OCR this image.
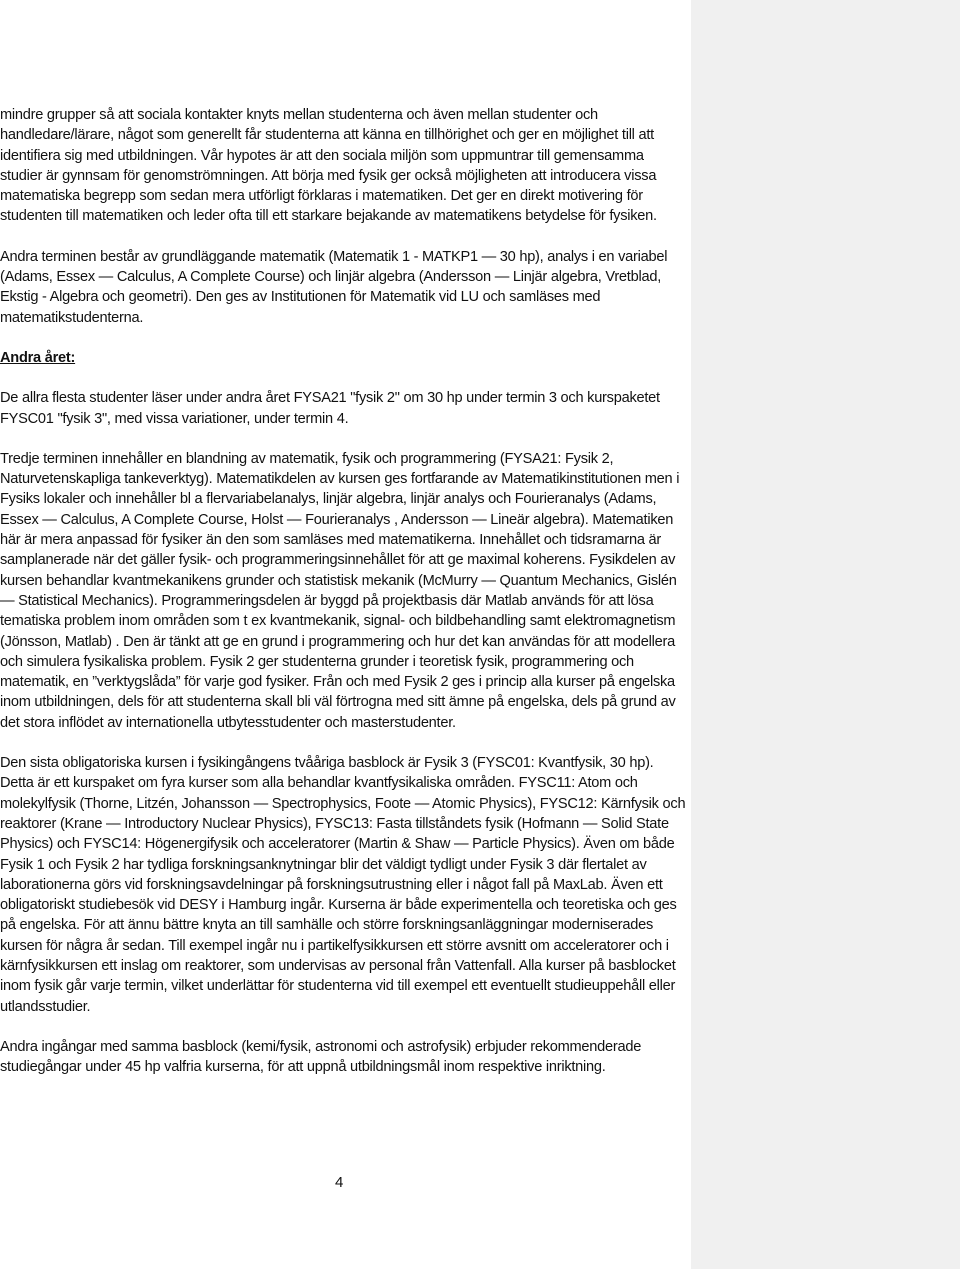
mindre grupper så att sociala kontakter knyts mellan studenterna och även mellan studenter och handledare/lärare, något som generellt får studenterna att känna en tillhörighet och ger en möjlighet till att identifiera sig med utbildningen. Vår hypotes är att den sociala miljön som uppmuntrar till gemensamma studier är gynnsam för genomströmningen. Att börja med fysik ger också möjligheten att introducera vissa matematiska begrepp som sedan mera utförligt förklaras i matematiken. Det ger en direkt motivering för studenten till matematiken och leder ofta till ett starkare bejakande av matematikens betydelse för fysiken.

Andra terminen består av grundläggande matematik (Matematik 1 - MATKP1 — 30 hp), analys i en variabel (Adams, Essex — Calculus, A Complete Course) och linjär algebra (Andersson — Linjär algebra, Vretblad, Ekstig - Algebra och geometri). Den ges av Institutionen för Matematik vid LU och samläses med matematikstudenterna.

Andra året:

De allra flesta studenter läser under andra året FYSA21 "fysik 2" om 30 hp under termin 3 och kurspaketet FYSC01 "fysik 3", med vissa variationer, under termin 4.

Tredje terminen innehåller en blandning av matematik, fysik och programmering (FYSA21: Fysik 2, Naturvetenskapliga tankeverktyg). Matematikdelen av kursen ges fortfarande av Matematikinstitutionen men i Fysiks lokaler och innehåller bl a flervariabelanalys, linjär algebra, linjär analys och Fourieranalys (Adams, Essex — Calculus, A Complete Course, Holst — Fourieranalys , Andersson — Lineär algebra). Matematiken här är mera anpassad för fysiker än den som samläses med matematikerna. Innehållet och tidsramarna är samplanerade när det gäller fysik- och programmeringsinnehållet för att ge maximal koherens. Fysikdelen av kursen behandlar kvantmekanikens grunder och statistisk mekanik (McMurry — Quantum Mechanics, Gislén — Statistical Mechanics). Programmeringsdelen är byggd på projektbasis där Matlab används för att lösa tematiska problem inom områden som t ex kvantmekanik, signal- och bildbehandling samt elektromagnetism (Jönsson, Matlab) . Den är tänkt att ge en grund i programmering och hur det kan användas för att modellera och simulera fysikaliska problem. Fysik 2 ger studenterna grunder i teoretisk fysik, programmering och matematik, en ”verktygslåda” för varje god fysiker. Från och med Fysik 2 ges i princip alla kurser på engelska inom utbildningen, dels för att studenterna skall bli väl förtrogna med sitt ämne på engelska, dels på grund av det stora inflödet av internationella utbytesstudenter och masterstudenter.

Den sista obligatoriska kursen i fysikingångens tvååriga basblock är Fysik 3 (FYSC01: Kvantfysik, 30 hp). Detta är ett kurspaket om fyra kurser som alla behandlar kvantfysikaliska områden. FYSC11: Atom och molekylfysik (Thorne, Litzén, Johansson — Spectrophysics, Foote — Atomic Physics), FYSC12: Kärnfysik och reaktorer (Krane — Introductory Nuclear Physics), FYSC13: Fasta tillståndets fysik (Hofmann — Solid State Physics) och FYSC14: Högenergifysik och acceleratorer (Martin & Shaw — Particle Physics). Även om både Fysik 1 och Fysik 2 har tydliga forskningsanknytningar blir det väldigt tydligt under Fysik 3 där flertalet av laborationerna görs vid forskningsavdelningar på forskningsutrustning eller i något fall på MaxLab. Även ett obligatoriskt studiebesök vid DESY i Hamburg ingår. Kurserna är både experimentella och teoretiska och ges på engelska. För att ännu bättre knyta an till samhälle och större forskningsanläggningar moderniserades kursen för några år sedan. Till exempel ingår nu i partikelfysikkursen ett större avsnitt om acceleratorer och i kärnfysikkursen ett inslag om reaktorer, som undervisas av personal från Vattenfall. Alla kurser på basblocket inom fysik går varje termin, vilket underlättar för studenterna vid till exempel ett eventuellt studieuppehåll eller utlandsstudier.

Andra ingångar med samma basblock (kemi/fysik, astronomi och astrofysik) erbjuder rekommenderade studiegångar under 45 hp valfria kurserna, för att uppnå utbildningsmål inom respektive inriktning.

4
